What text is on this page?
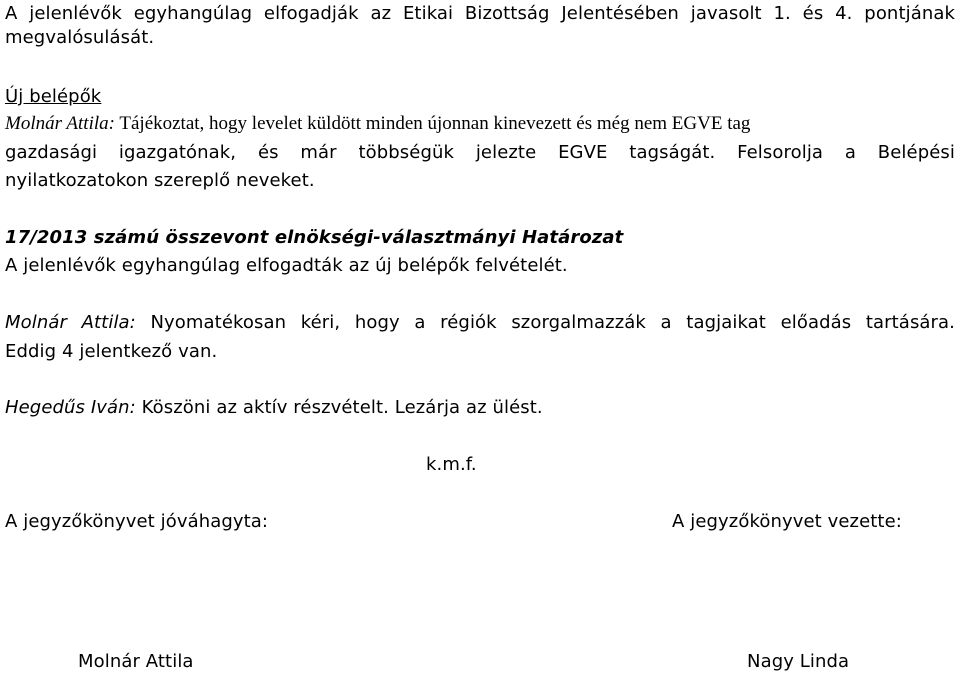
A jelenlévők egyhangúlag elfogadják az Etikai Bizottság Jelentésében javasolt 1. és 4. pontjának

megvalósulását.

Új belépők

Molnár Attila: Tájékoztat, hogy levelet küldött minden újonnan kinevezett és még nem EGVE tag

gazdasági igazgatónak, és már többségük jelezte EGVE tagságát. Felsorolja a Belépési

nyilatkozatokon szereplő neveket.

17/2013 számú összevont elnökségi-választmányi Határozat

A jelenlévők egyhangúlag elfogadták az új belépők felvételét.

Molnár Attila: Nyomatékosan kéri, hogy a régiók szorgalmazzák a tagjaikat előadás tartására.

Eddig 4 jelentkező van.

Hegedűs Iván: Köszöni az aktív részvételt. Lezárja az ülést.

k.m.f.

A jegyzőkönyvet jóváhagyta:	A jegyzőkönyvet vezette:

Molnár Attila	Nagy Linda
